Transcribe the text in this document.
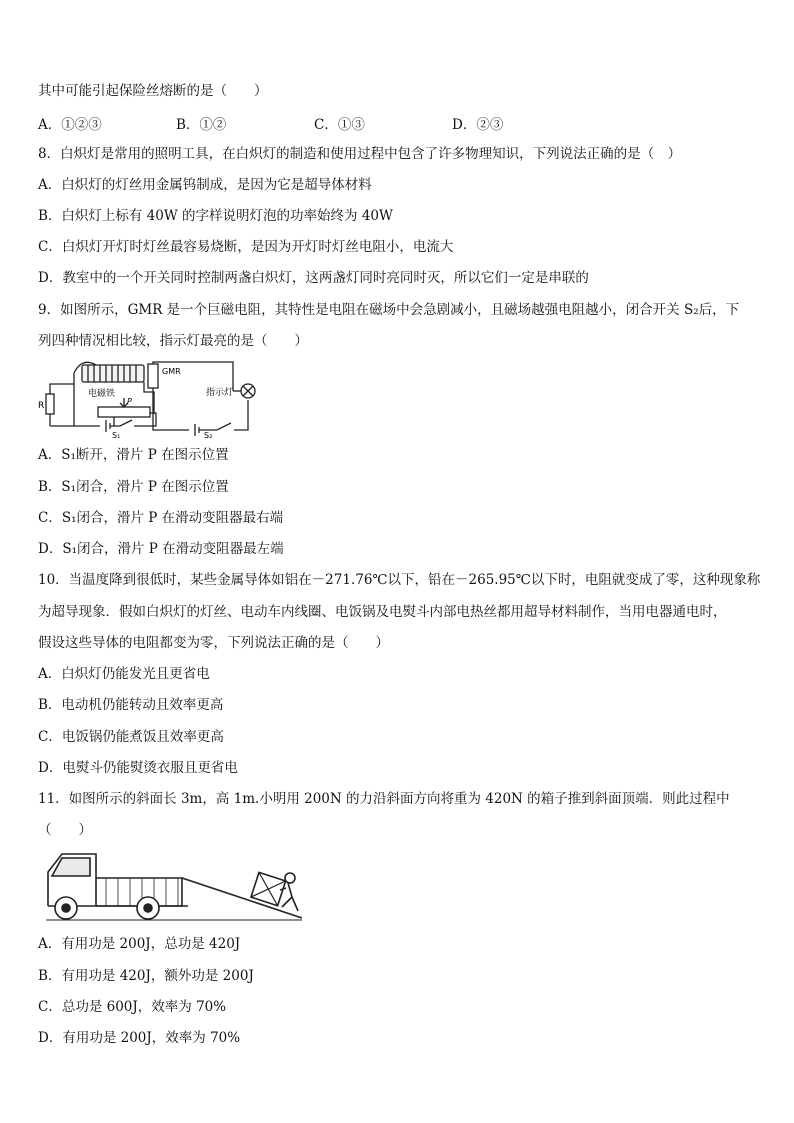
其中可能引起保险丝熔断的是（　　）
A．①②③	B．①②	C．①③	D．②③
8．白炽灯是常用的照明工具，在白炽灯的制造和使用过程中包含了许多物理知识，下列说法正确的是（　）
A．白炽灯的灯丝用金属钨制成，是因为它是超导体材料
B．白炽灯上标有 40W 的字样说明灯泡的功率始终为 40W
C．白炽灯开灯时灯丝最容易烧断，是因为开灯时灯丝电阻小，电流大
D．教室中的一个开关同时控制两盏白炽灯，这两盏灯同时亮同时灭，所以它们一定是串联的
9．如图所示，GMR 是一个巨磁电阻，其特性是电阻在磁场中会急剧减小，且磁场越强电阻越小，闭合开关 S₂后，下
列四种情况相比较，指示灯最亮的是（　　）
电磁铁
GMR
指示灯
R	P
S₁	S₂
A．S₁断开，滑片 P 在图示位置
B．S₁闭合，滑片 P 在图示位置
C．S₁闭合，滑片 P 在滑动变阻器最右端
D．S₁闭合，滑片 P 在滑动变阻器最左端
10．当温度降到很低时，某些金属导体如铝在－271.76℃以下，铅在－265.95℃以下时，电阻就变成了零，这种现象称
为超导现象．假如白炽灯的灯丝、电动车内线圈、电饭锅及电熨斗内部电热丝都用超导材料制作，当用电器通电时，
假设这些导体的电阻都变为零，下列说法正确的是（　　）
A．白炽灯仍能发光且更省电
B．电动机仍能转动且效率更高
C．电饭锅仍能煮饭且效率更高
D．电熨斗仍能熨烫衣服且更省电
11．如图所示的斜面长 3m，高 1m.小明用 200N 的力沿斜面方向将重为 420N 的箱子推到斜面顶端．则此过程中
（　　）
A．有用功是 200J，总功是 420J
B．有用功是 420J，额外功是 200J
C．总功是 600J，效率为 70%
D．有用功是 200J，效率为 70%
